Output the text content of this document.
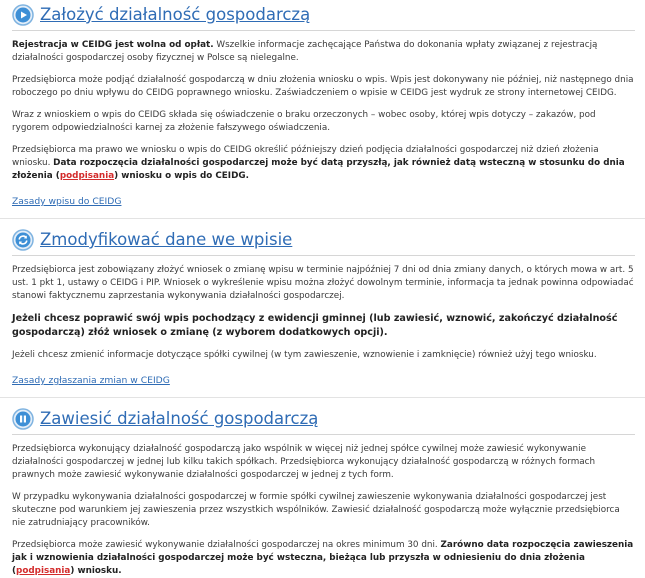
Założyć działalność gospodarczą

Rejestracja w CEIDG jest wolna od opłat. Wszelkie informacje zachęcające Państwa do dokonania wpłaty związanej z rejestracją działalności gospodarczej osoby fizycznej w Polsce są nielegalne.

Przedsiębiorca może podjąć działalność gospodarczą w dniu złożenia wniosku o wpis. Wpis jest dokonywany nie później, niż następnego dnia roboczego po dniu wpływu do CEIDG poprawnego wniosku. Zaświadczeniem o wpisie w CEIDG jest wydruk ze strony internetowej CEIDG.

Wraz z wnioskiem o wpis do CEIDG składa się oświadczenie o braku orzeczonych – wobec osoby, której wpis dotyczy – zakazów, pod rygorem odpowiedzialności karnej za złożenie fałszywego oświadczenia.

Przedsiębiorca ma prawo we wniosku o wpis do CEIDG określić późniejszy dzień podjęcia działalności gospodarczej niż dzień złożenia wniosku. Data rozpoczęcia działalności gospodarczej może być datą przyszłą, jak również datą wsteczną w stosunku do dnia złożenia (podpisania) wniosku o wpis do CEIDG.

Zasady wpisu do CEIDG
Zmodyfikować dane we wpisie

Przedsiębiorca jest zobowiązany złożyć wniosek o zmianę wpisu w terminie najpóźniej 7 dni od dnia zmiany danych, o których mowa w art. 5 ust. 1 pkt 1, ustawy o CEIDG i PIP. Wniosek o wykreślenie wpisu można złożyć dowolnym terminie, informacja ta jednak powinna odpowiadać stanowi faktycznemu zaprzestania wykonywania działalności gospodarczej.

Jeżeli chcesz poprawić swój wpis pochodzący z ewidencji gminnej (lub zawiesić, wznowić, zakończyć działalność gospodarczą) złóż wniosek o zmianę (z wyborem dodatkowych opcji).

Jeżeli chcesz zmienić informacje dotyczące spółki cywilnej (w tym zawieszenie, wznowienie i zamknięcie) również użyj tego wniosku.

Zasady zgłaszania zmian w CEIDG
Zawiesić działalność gospodarczą

Przedsiębiorca wykonujący działalność gospodarczą jako wspólnik w więcej niż jednej spółce cywilnej może zawiesić wykonywanie działalności gospodarczej w jednej lub kilku takich spółkach. Przedsiębiorca wykonujący działalność gospodarczą w różnych formach prawnych może zawiesić wykonywanie działalności gospodarczej w jednej z tych form.

W przypadku wykonywania działalności gospodarczej w formie spółki cywilnej zawieszenie wykonywania działalności gospodarczej jest skuteczne pod warunkiem jej zawieszenia przez wszystkich wspólników. Zawiesić działalność gospodarczą może wyłącznie przedsiębiorca nie zatrudniający pracowników.

Przedsiębiorca może zawiesić wykonywanie działalności gospodarczej na okres minimum 30 dni. Zarówno data rozpoczęcia zawieszenia jak i wznowienia działalności gospodarczej może być wsteczna, bieżąca lub przyszła w odniesieniu do dnia złożenia (podpisania) wniosku.
